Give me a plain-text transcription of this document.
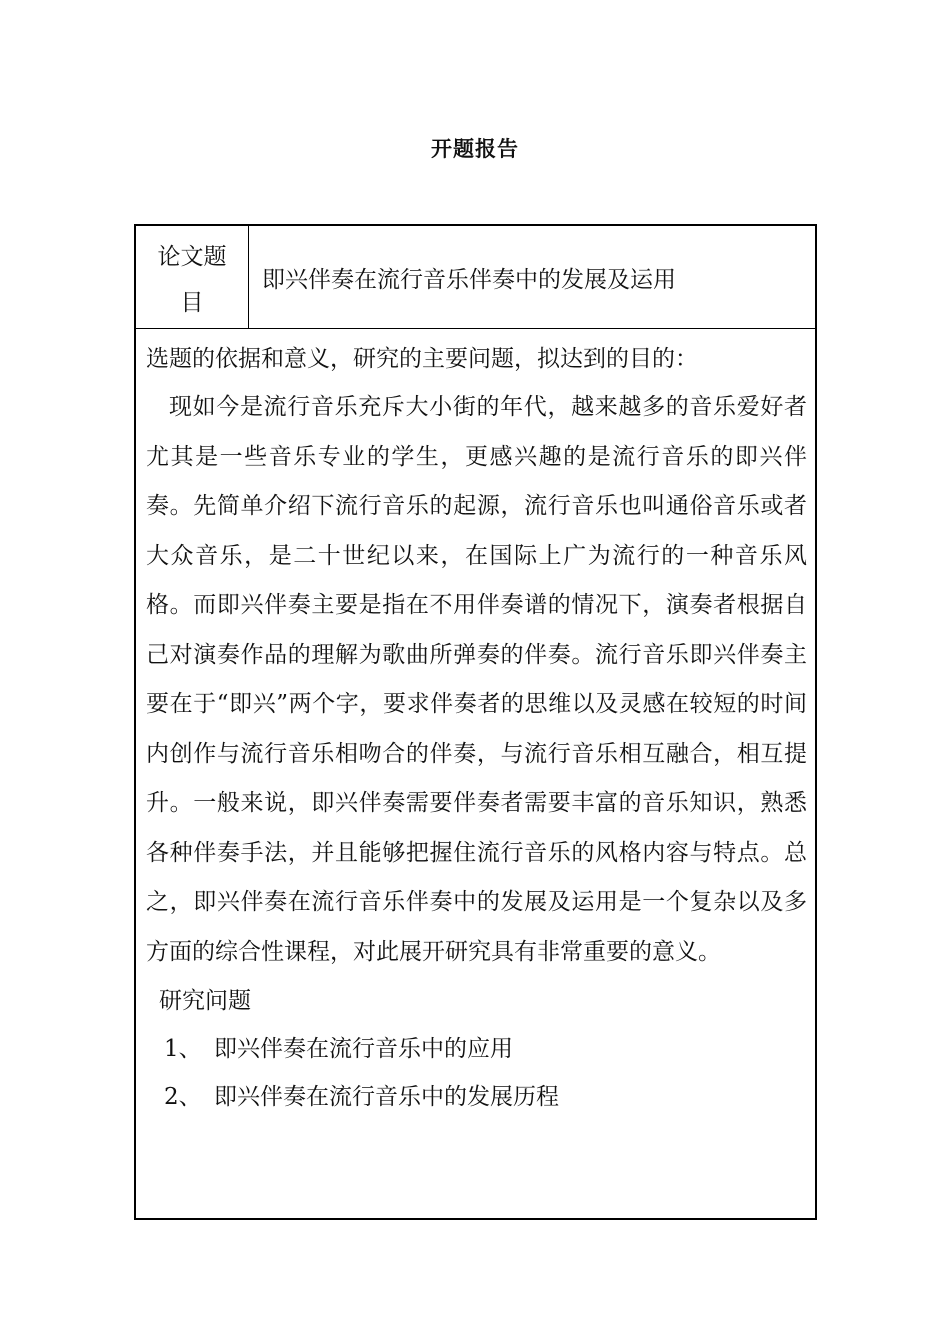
开题报告
论文题目
即兴伴奏在流行音乐伴奏中的发展及运用
选题的依据和意义，研究的主要问题，拟达到的目的：

现如今是流行音乐充斥大小街的年代，越来越多的音乐爱好者尤其是一些音乐专业的学生，更感兴趣的是流行音乐的即兴伴奏。先简单介绍下流行音乐的起源，流行音乐也叫通俗音乐或者大众音乐，是二十世纪以来，在国际上广为流行的一种音乐风格。而即兴伴奏主要是指在不用伴奏谱的情况下，演奏者根据自己对演奏作品的理解为歌曲所弹奏的伴奏。流行音乐即兴伴奏主要在于“即兴”两个字，要求伴奏者的思维以及灵感在较短的时间内创作与流行音乐相吻合的伴奏，与流行音乐相互融合，相互提升。一般来说，即兴伴奏需要伴奏者需要丰富的音乐知识，熟悉各种伴奏手法，并且能够把握住流行音乐的风格内容与特点。总之，即兴伴奏在流行音乐伴奏中的发展及运用是一个复杂以及多方面的综合性课程，对此展开研究具有非常重要的意义。

研究问题
1、 即兴伴奏在流行音乐中的应用
2、 即兴伴奏在流行音乐中的发展历程
